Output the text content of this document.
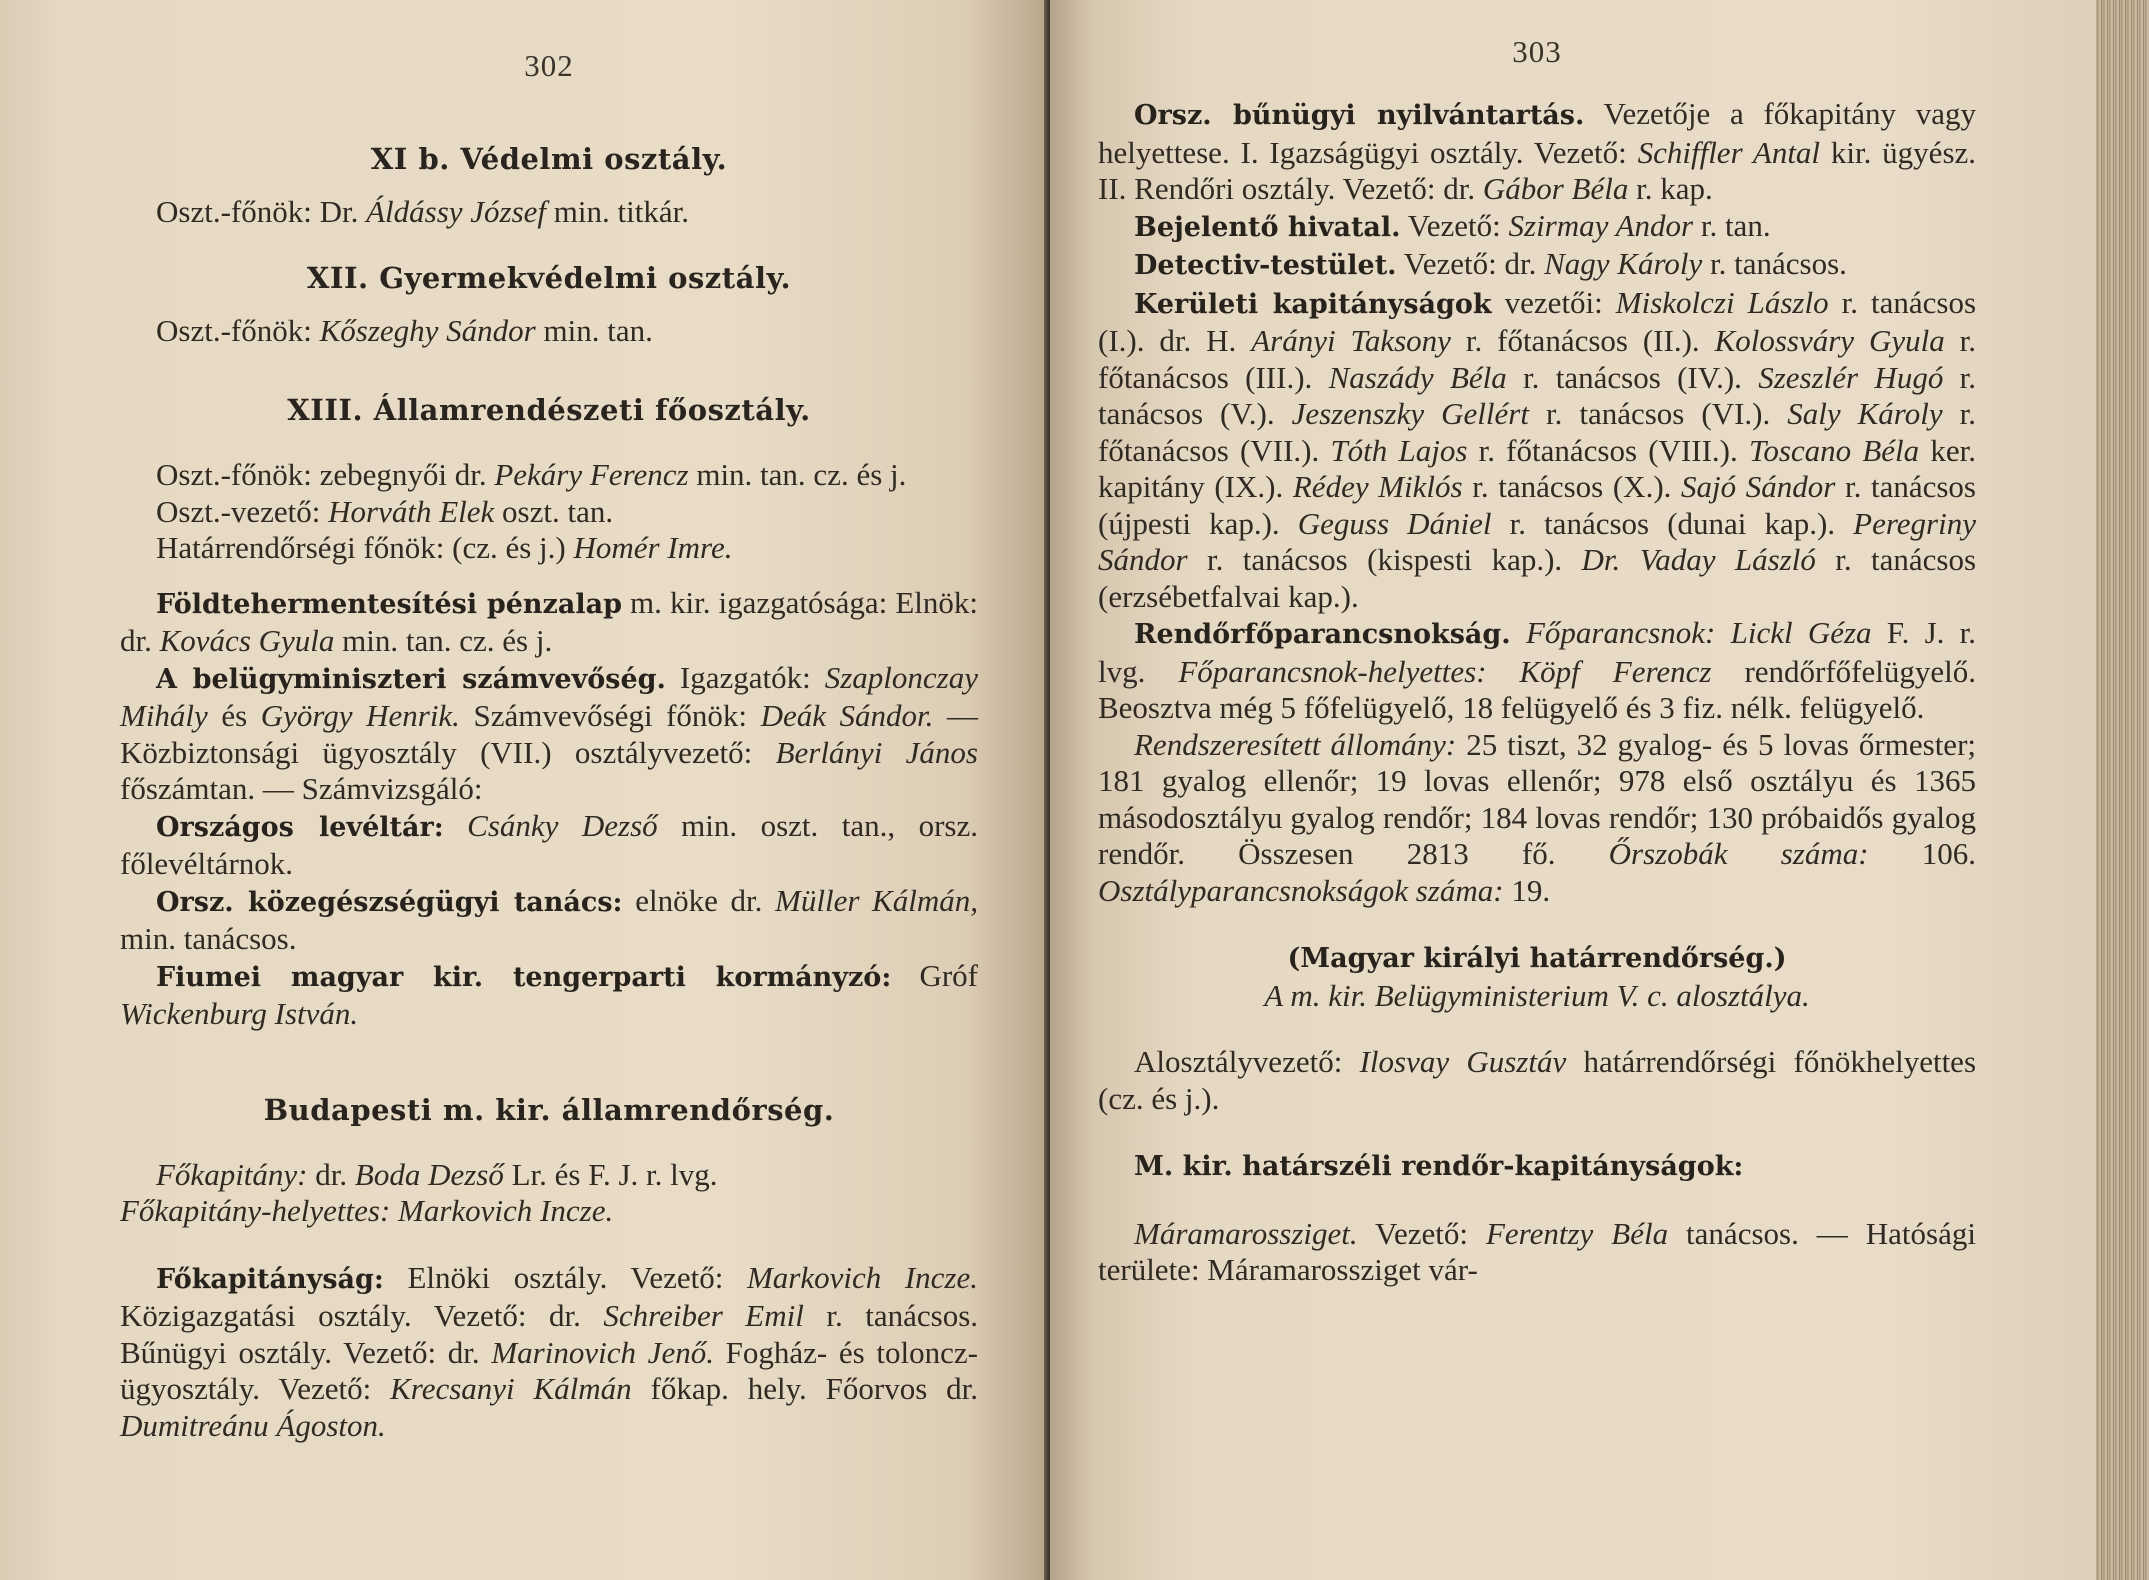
302

XI b. Védelmi osztály.

Oszt.-főnök: Dr. Áldássy József min. titkár.

XII. Gyermekvédelmi osztály.

Oszt.-főnök: Kőszeghy Sándor min. tan.

XIII. Államrendészeti főosztály.

Oszt.-főnök: zebegnyői dr. Pekáry Ferencz min. tan. cz. és j.

Oszt.-vezető: Horváth Elek oszt. tan.

Határrendőrségi főnök: (cz. és j.) Homér Imre.

Földtehermentesítési pénzalap m. kir. igazgatósága: Elnök: dr. Kovács Gyula min. tan. cz. és j.

A belügyminiszteri számvevőség. Igazgatók: Szaplonczay Mihály és György Henrik. Számvevőségi főnök: Deák Sándor. — Közbiztonsági ügyosztály (VII.) osztályvezető: Berlányi János főszámtan. — Számvizsgáló:

Országos levéltár: Csánky Dezső min. oszt. tan., orsz. főlevéltárnok.

Orsz. közegészségügyi tanács: elnöke dr. Müller Kálmán, min. tanácsos.

Fiumei magyar kir. tengerparti kormányzó: Gróf Wickenburg István.

Budapesti m. kir. államrendőrség.

Főkapitány: dr. Boda Dezső Lr. és F. J. r. lvg.

Főkapitány-helyettes: Markovich Incze.

Főkapitányság: Elnöki osztály. Vezető: Markovich Incze. Közigazgatási osztály. Vezető: dr. Schreiber Emil r. tanácsos. Bűnügyi osztály. Vezető: dr. Marinovich Jenő. Fogház- és toloncz-ügyosztály. Vezető: Krecsanyi Kálmán főkap. hely. Főorvos dr. Dumitreánu Ágoston.

303

Orsz. bűnügyi nyilvántartás. Vezetője a főkapitány vagy helyettese. I. Igazságügyi osztály. Vezető: Schiffler Antal kir. ügyész. II. Rendőri osztály. Vezető: dr. Gábor Béla r. kap.

Bejelentő hivatal. Vezető: Szirmay Andor r. tan.

Detectiv-testület. Vezető: dr. Nagy Károly r. tanácsos.

Kerületi kapitányságok vezetői: Miskolczi Lászlo r. tanácsos (I.). dr. H. Arányi Taksony r. főtanácsos (II.). Kolossváry Gyula r. főtanácsos (III.). Naszády Béla r. tanácsos (IV.). Szeszlér Hugó r. tanácsos (V.). Jeszenszky Gellért r. tanácsos (VI.). Saly Károly r. főtanácsos (VII.). Tóth Lajos r. főtanácsos (VIII.). Toscano Béla ker. kapitány (IX.). Rédey Miklós r. tanácsos (X.). Sajó Sándor r. tanácsos (újpesti kap.). Geguss Dániel r. tanácsos (dunai kap.). Peregriny Sándor r. tanácsos (kispesti kap.). Dr. Vaday László r. tanácsos (erzsébetfalvai kap.).

Rendőrfőparancsnokság. Főparancsnok: Lickl Géza F. J. r. lvg. Főparancsnok-helyettes: Köpf Ferencz rendőrfőfelügyelő. Beosztva még 5 főfelügyelő, 18 felügyelő és 3 fiz. nélk. felügyelő.

Rendszeresített állomány: 25 tiszt, 32 gyalog- és 5 lovas őrmester; 181 gyalog ellenőr; 19 lovas ellenőr; 978 első osztályu és 1365 másodosztályu gyalog rendőr; 184 lovas rendőr; 130 próbaidős gyalog rendőr. Összesen 2813 fő. Őrszobák száma: 106. Osztályparancsnokságok száma: 19.

(Magyar királyi határrendőrség.)

A m. kir. Belügyministerium V. c. alosztálya.

Alosztályvezető: Ilosvay Gusztáv határrendőrségi főnökhelyettes (cz. és j.).

M. kir. határszéli rendőr-kapitányságok:

Máramarossziget. Vezető: Ferentzy Béla tanácsos. — Hatósági területe: Máramarossziget vár-
